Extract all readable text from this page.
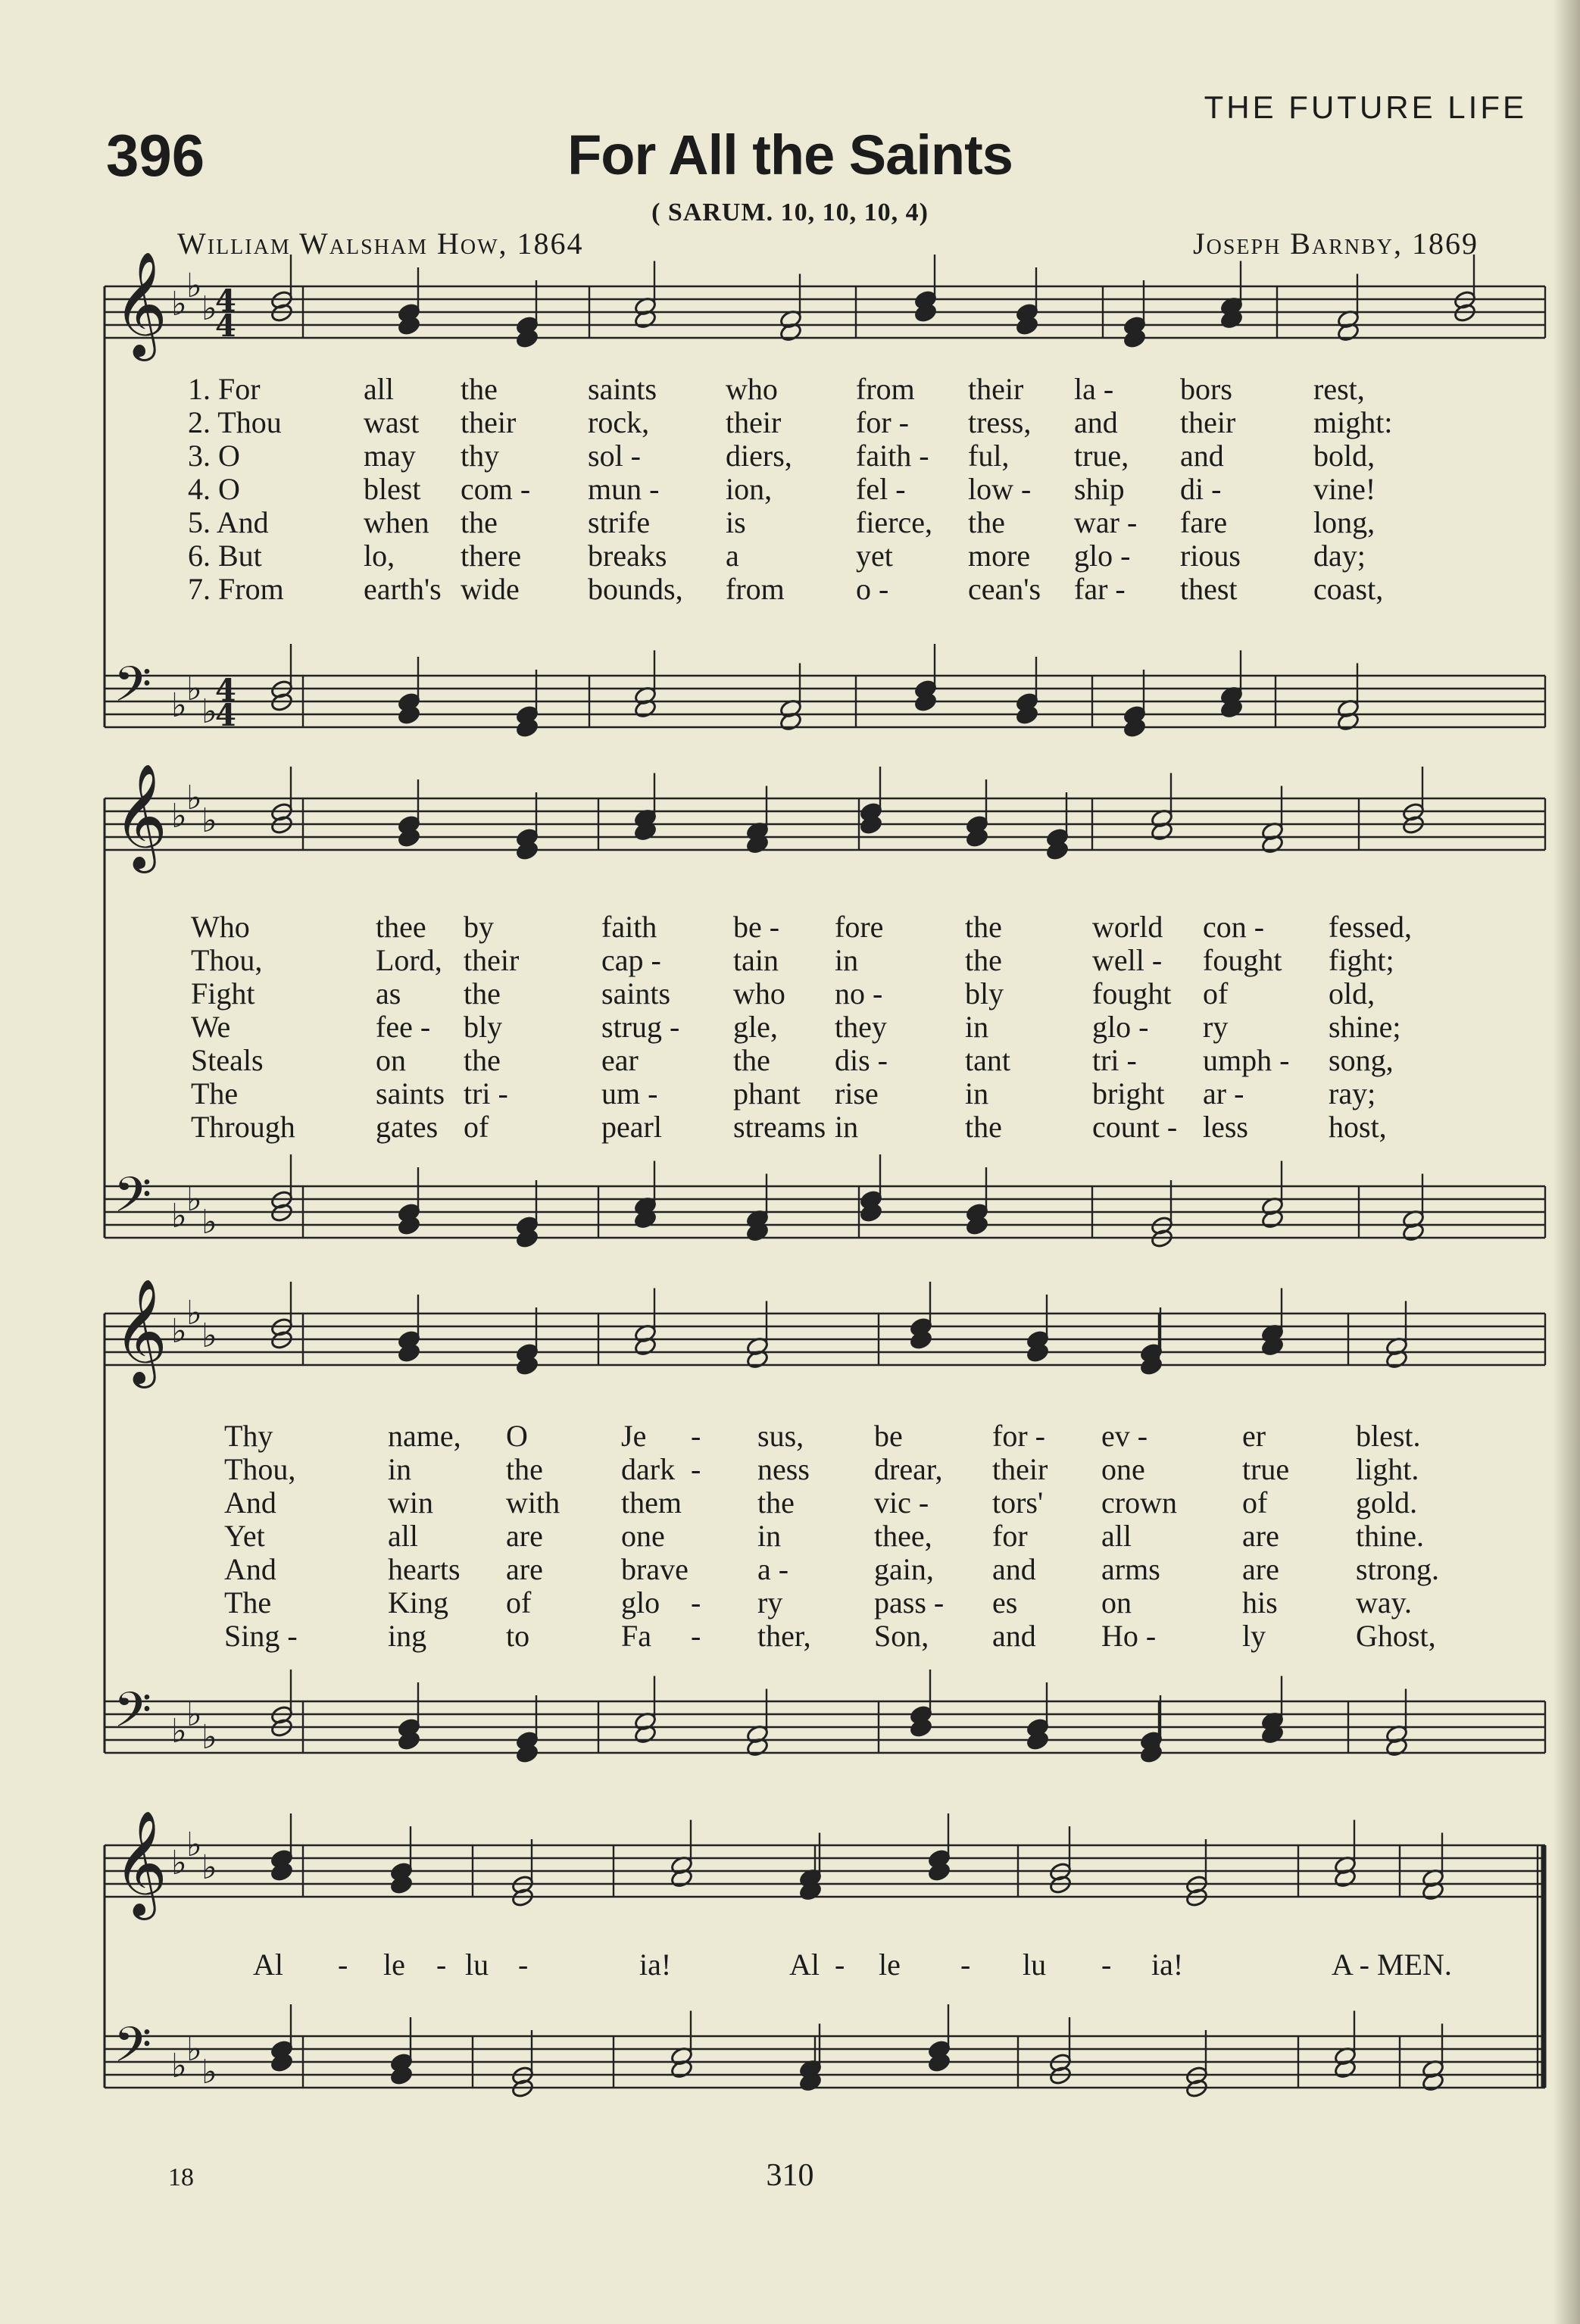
THE FUTURE LIFE
396	For All the Saints
( SARUM. 10, 10, 10, 4)
William Walsham How, 1864	Joseph Barnby, 1869
𝄞 ♭ ♭
♭
4
4
𝄢 ♭ ♭
♭
4
4
𝄞 ♭ ♭
♭
𝄢 ♭ ♭
♭
𝄞 ♭ ♭
♭
𝄢 ♭ ♭
♭
𝄞 ♭ ♭
♭
𝄢 ♭ ♭
♭
1. For	all the	saints who	from their la - bors	rest,
2. Thou	wast their rock,	their for - tress, and their	might:
3. O	may thy	sol -	diers, faith - ful, true, and	bold,
4. O	blest com - mun - ion,	fel - low - ship di -	vine!
5. And	when the	strife is	fierce, the war - fare	long,
6. But	lo, there breaks a	yet more glo - rious day;
7. From	earth's wide bounds, from o -	cean's far - thest	coast,
Who	thee by	faith	be - fore	the	world con - fessed,
Thou,	Lord, their	cap - tain in	the	well - fought fight;
Fight	as the	saints who no -	bly	fought of	old,
We	fee - bly	strug - gle, they	in	glo - ry	shine;
Steals	on the	ear	the dis -	tant	tri - umph - song,
The	saints tri -	um - phant rise	in	bright ar -	ray;
Through	gates of	pearl streams in	the	count - less	host,
Thy	name, O	Je - sus, be	for - ev -	er	blest.
Thou,	in	the	dark - ness drear, their one	true light.
And	win with them	the	vic - tors' crown of	gold.
Yet	all	are	one	in	thee, for all	are	thine.
And	hearts are	brave a -	gain, and arms	are	strong.
The	King of	glo - ry	pass - es	on	his	way.
Sing -	ing	to	Fa - ther, Son, and Ho -	ly	Ghost,
Al - le - lu -	ia!	Al - le - lu - ia!	A - MEN.
310
18
